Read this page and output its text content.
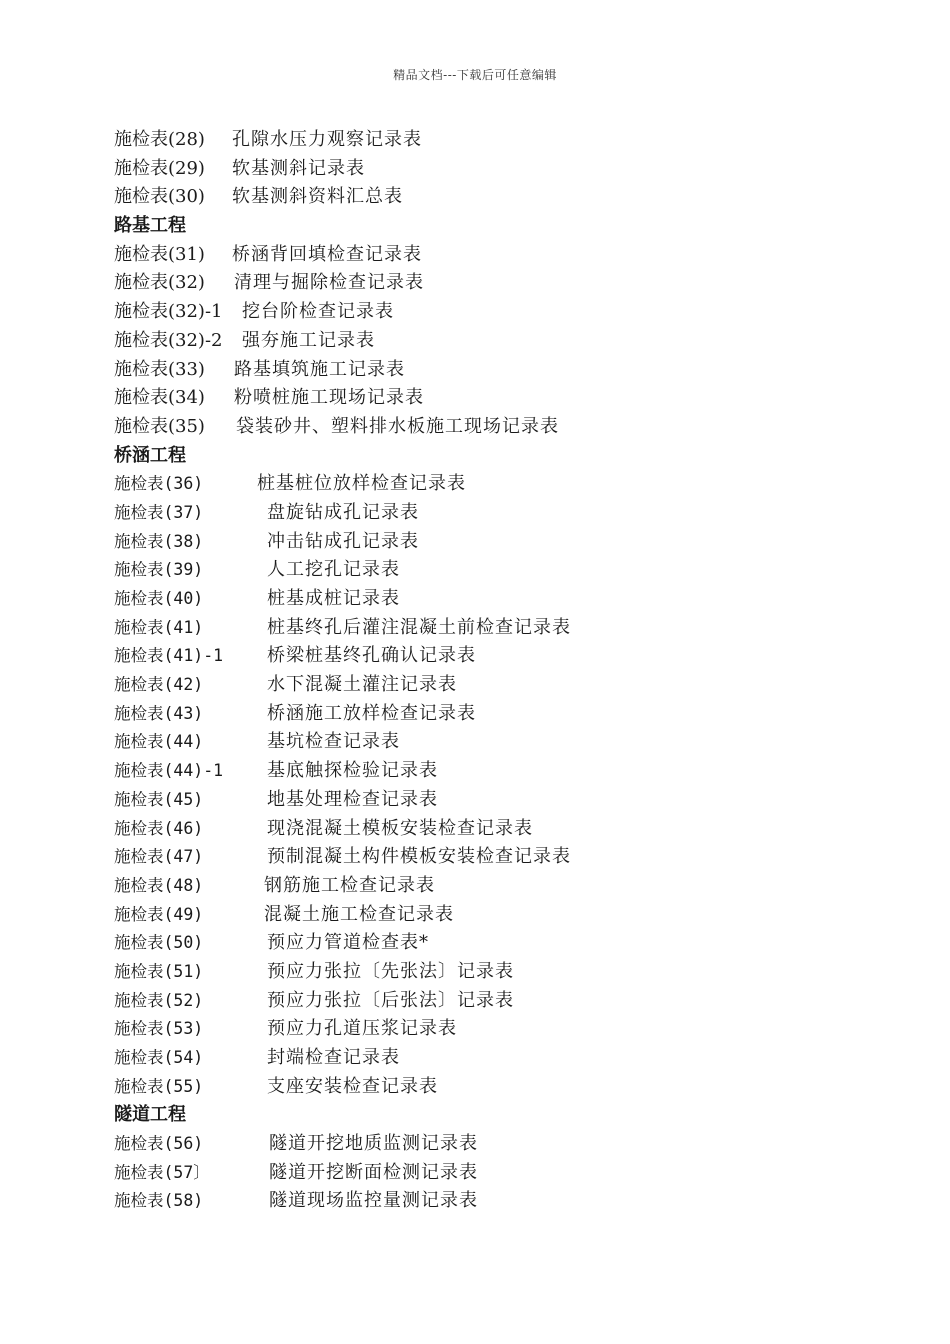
精品文档---下载后可任意编辑
施检表(28) 孔隙水压力观察记录表
施检表(29) 软基测斜记录表
施检表(30) 软基测斜资料汇总表
路基工程
施检表(31) 桥涵背回填检查记录表
施检表(32) 清理与掘除检查记录表
施检表(32)-1 挖台阶检查记录表
施检表(32)-2 强夯施工记录表
施检表(33) 路基填筑施工记录表
施检表(34) 粉喷桩施工现场记录表
施检表(35) 袋装砂井、塑料排水板施工现场记录表
桥涵工程
施检表(36)	桩基桩位放样检查记录表
施检表(37)	盘旋钻成孔记录表
施检表(38)	冲击钻成孔记录表
施检表(39)	人工挖孔记录表
施检表(40)	桩基成桩记录表
施检表(41)	桩基终孔后灌注混凝土前检查记录表
施检表(41)-1 桥梁桩基终孔确认记录表
施检表(42)	水下混凝土灌注记录表
施检表(43)	桥涵施工放样检查记录表
施检表(44)	基坑检查记录表
施检表(44)-1 基底触探检验记录表
施检表(45)	地基处理检查记录表
施检表(46)	现浇混凝土模板安装检查记录表
施检表(47)	预制混凝土构件模板安装检查记录表
施检表(48)	钢筋施工检查记录表
施检表(49)	混凝土施工检查记录表
施检表(50)	预应力管道检查表*
施检表(51)	预应力张拉〔先张法〕记录表
施检表(52)	预应力张拉〔后张法〕记录表
施检表(53)	预应力孔道压浆记录表
施检表(54)	封端检查记录表
施检表(55)	支座安装检查记录表
隧道工程
施检表(56)	隧道开挖地质监测记录表
施检表(57〕	隧道开挖断面检测记录表
施检表(58)	隧道现场监控量测记录表
